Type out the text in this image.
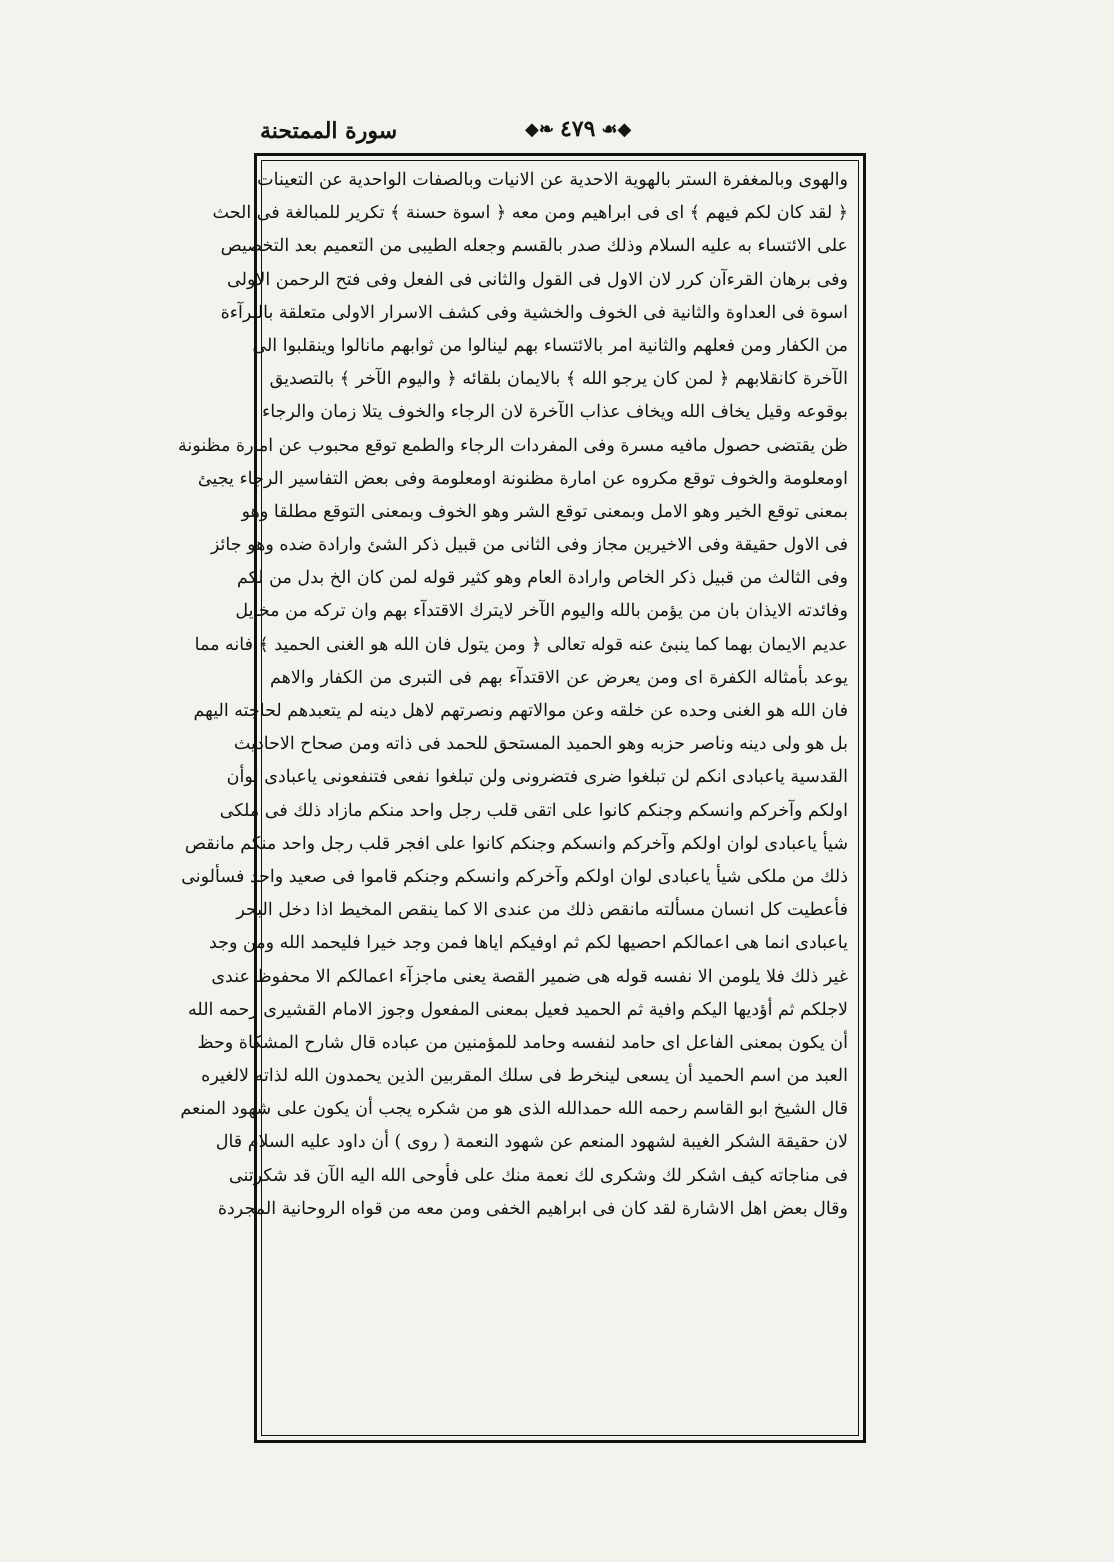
سورة الممتحنة	◆❧ ٤٧٩ ☙◆
والهوى وبالمغفرة الستر بالهوية الاحدية عن الانيات وبالصفات الواحدية عن التعينات
﴿ لقد كان لكم فيهم ﴾ اى فى ابراهيم ومن معه ﴿ اسوة حسنة ﴾ تكرير للمبالغة فى الحث
على الائتساء به عليه السلام وذلك صدر بالقسم وجعله الطيبى من التعميم بعد التخصيص
وفى برهان القرءآن كرر لان الاول فى القول والثانى فى الفعل وفى فتح الرحمن الاولى
اسوة فى العداوة والثانية فى الخوف والخشية وفى كشف الاسرار الاولى متعلقة بالبرآءة
من الكفار ومن فعلهم والثانية امر بالائتساء بهم لينالوا من ثوابهم مانالوا وينقلبوا الى
الآخرة كانقلابهم ﴿ لمن كان يرجو الله ﴾ بالايمان بلقائه ﴿ واليوم الآخر ﴾ بالتصديق
بوقوعه وقيل يخاف الله ويخاف عذاب الآخرة لان الرجاء والخوف يتلا زمان والرجاء
ظن يقتضى حصول مافيه مسرة وفى المفردات الرجاء والطمع توقع محبوب عن امارة مظنونة
اومعلومة والخوف توقع مكروه عن امارة مظنونة اومعلومة وفى بعض التفاسير الرجاء يجيئ
بمعنى توقع الخير وهو الامل وبمعنى توقع الشر وهو الخوف وبمعنى التوقع مطلقا وهو
فى الاول حقيقة وفى الاخيرين مجاز وفى الثانى من قبيل ذكر الشئ وارادة ضده وهو جائز
وفى الثالث من قبيل ذكر الخاص وارادة العام وهو كثير قوله لمن كان الخ بدل من لكم
وفائدته الايذان بان من يؤمن بالله واليوم الآخر لايترك الاقتدآء بهم وان تركه من مخايل
عديم الايمان بهما كما ينبئ عنه قوله تعالى ﴿ ومن يتول فان الله هو الغنى الحميد ﴾ فانه مما
يوعد بأمثاله الكفرة اى ومن يعرض عن الاقتدآء بهم فى التبرى من الكفار والاهم
فان الله هو الغنى وحده عن خلقه وعن موالاتهم ونصرتهم لاهل دينه لم يتعبدهم لحاجته اليهم
بل هو ولى دينه وناصر حزبه وهو الحميد المستحق للحمد فى ذاته ومن صحاح الاحاديث
القدسية ياعبادى انكم لن تبلغوا ضرى فتضرونى ولن تبلغوا نفعى فتنفعونى ياعبادى لوأن
اولكم وآخركم وانسكم وجنكم كانوا على اتقى قلب رجل واحد منكم مازاد ذلك فى ملكى
شيأ ياعبادى لوان اولكم وآخركم وانسكم وجنكم كانوا على افجر قلب رجل واحد منكم مانقص
ذلك من ملكى شيأ ياعبادى لوان اولكم وآخركم وانسكم وجنكم قاموا فى صعيد واحد فسألونى
فأعطيت كل انسان مسألته مانقص ذلك من عندى الا كما ينقص المخيط اذا دخل البحر
ياعبادى انما هى اعمالكم احصيها لكم ثم اوفيكم اياها فمن وجد خيرا فليحمد الله ومن وجد
غير ذلك فلا يلومن الا نفسه قوله هى ضمير القصة يعنى ماجزآء اعمالكم الا محفوظ عندى
لاجلكم ثم أؤديها اليكم وافية ثم الحميد فعيل بمعنى المفعول وجوز الامام القشيرى رحمه الله
أن يكون بمعنى الفاعل اى حامد لنفسه وحامد للمؤمنين من عباده قال شارح المشكاة وحظ
العبد من اسم الحميد أن يسعى لينخرط فى سلك المقربين الذين يحمدون الله لذاته لالغيره
قال الشيخ ابو القاسم رحمه الله حمدالله الذى هو من شكره يجب أن يكون على شهود المنعم
لان حقيقة الشكر الغيبة لشهود المنعم عن شهود النعمة ( روى ) أن داود عليه السلام قال
فى مناجاته كيف اشكر لك وشكرى لك نعمة منك على فأوحى الله اليه الآن قد شكرتنى
وقال بعض اهل الاشارة لقد كان فى ابراهيم الخفى ومن معه من قواه الروحانية المجردة
